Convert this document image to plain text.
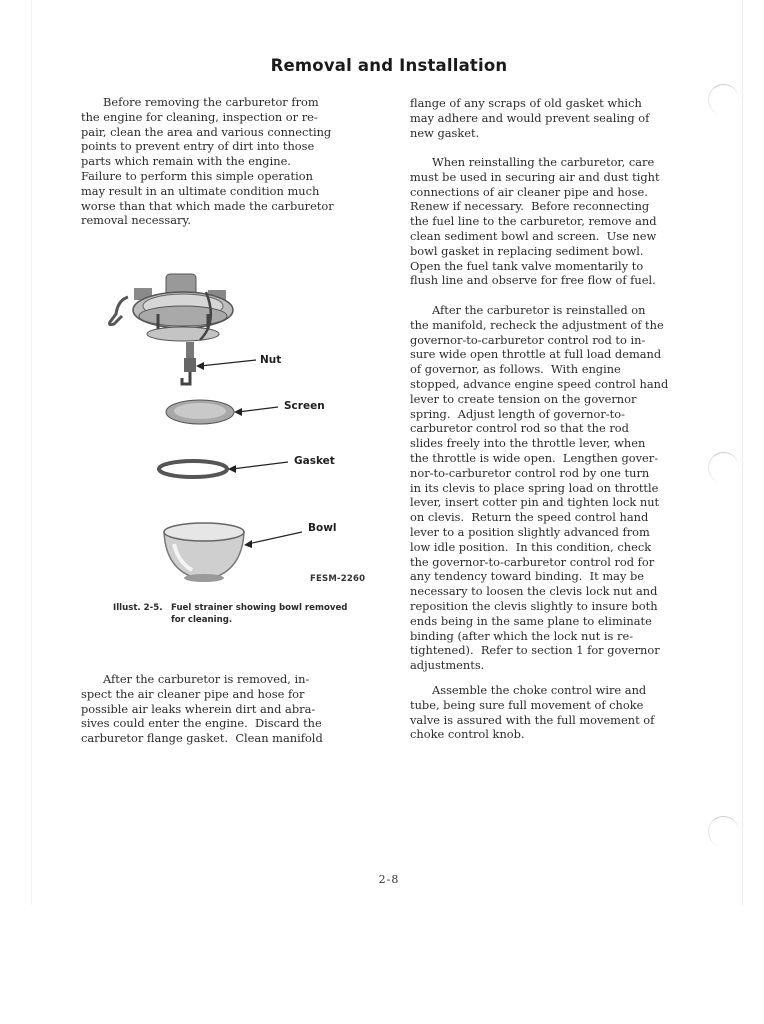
Removal and Installation

Before removing the carburetor from

the engine for cleaning, inspection or re-

pair, clean the area and various connecting

points to prevent entry of dirt into those

parts which remain with the engine.

Failure to perform this simple operation

may result in an ultimate condition much

worse than that which made the carburetor

removal necessary.

Nut
Screen
Gasket
Bowl
FESM-2260
Illust. 2-5. Fuel strainer showing bowl removed
for cleaning.

After the carburetor is removed, in-

spect the air cleaner pipe and hose for

possible air leaks wherein dirt and abra-

sives could enter the engine.  Discard the

carburetor flange gasket.  Clean manifold

flange of any scraps of old gasket which

may adhere and would prevent sealing of

new gasket.

When reinstalling the carburetor, care

must be used in securing air and dust tight

connections of air cleaner pipe and hose.

Renew if necessary.  Before reconnecting

the fuel line to the carburetor, remove and

clean sediment bowl and screen.  Use new

bowl gasket in replacing sediment bowl.

Open the fuel tank valve momentarily to

flush line and observe for free flow of fuel.

After the carburetor is reinstalled on

the manifold, recheck the adjustment of the

governor-to-carburetor control rod to in-

sure wide open throttle at full load demand

of governor, as follows.  With engine

stopped, advance engine speed control hand

lever to create tension on the governor

spring.  Adjust length of governor-to-

carburetor control rod so that the rod

slides freely into the throttle lever, when

the throttle is wide open.  Lengthen gover-

nor-to-carburetor control rod by one turn

in its clevis to place spring load on throttle

lever, insert cotter pin and tighten lock nut

on clevis.  Return the speed control hand

lever to a position slightly advanced from

low idle position.  In this condition, check

the governor-to-carburetor control rod for

any tendency toward binding.  It may be

necessary to loosen the clevis lock nut and

reposition the clevis slightly to insure both

ends being in the same plane to eliminate

binding (after which the lock nut is re-

tightened).  Refer to section 1 for governor

adjustments.

Assemble the choke control wire and

tube, being sure full movement of choke

valve is assured with the full movement of

choke control knob.

2-8
